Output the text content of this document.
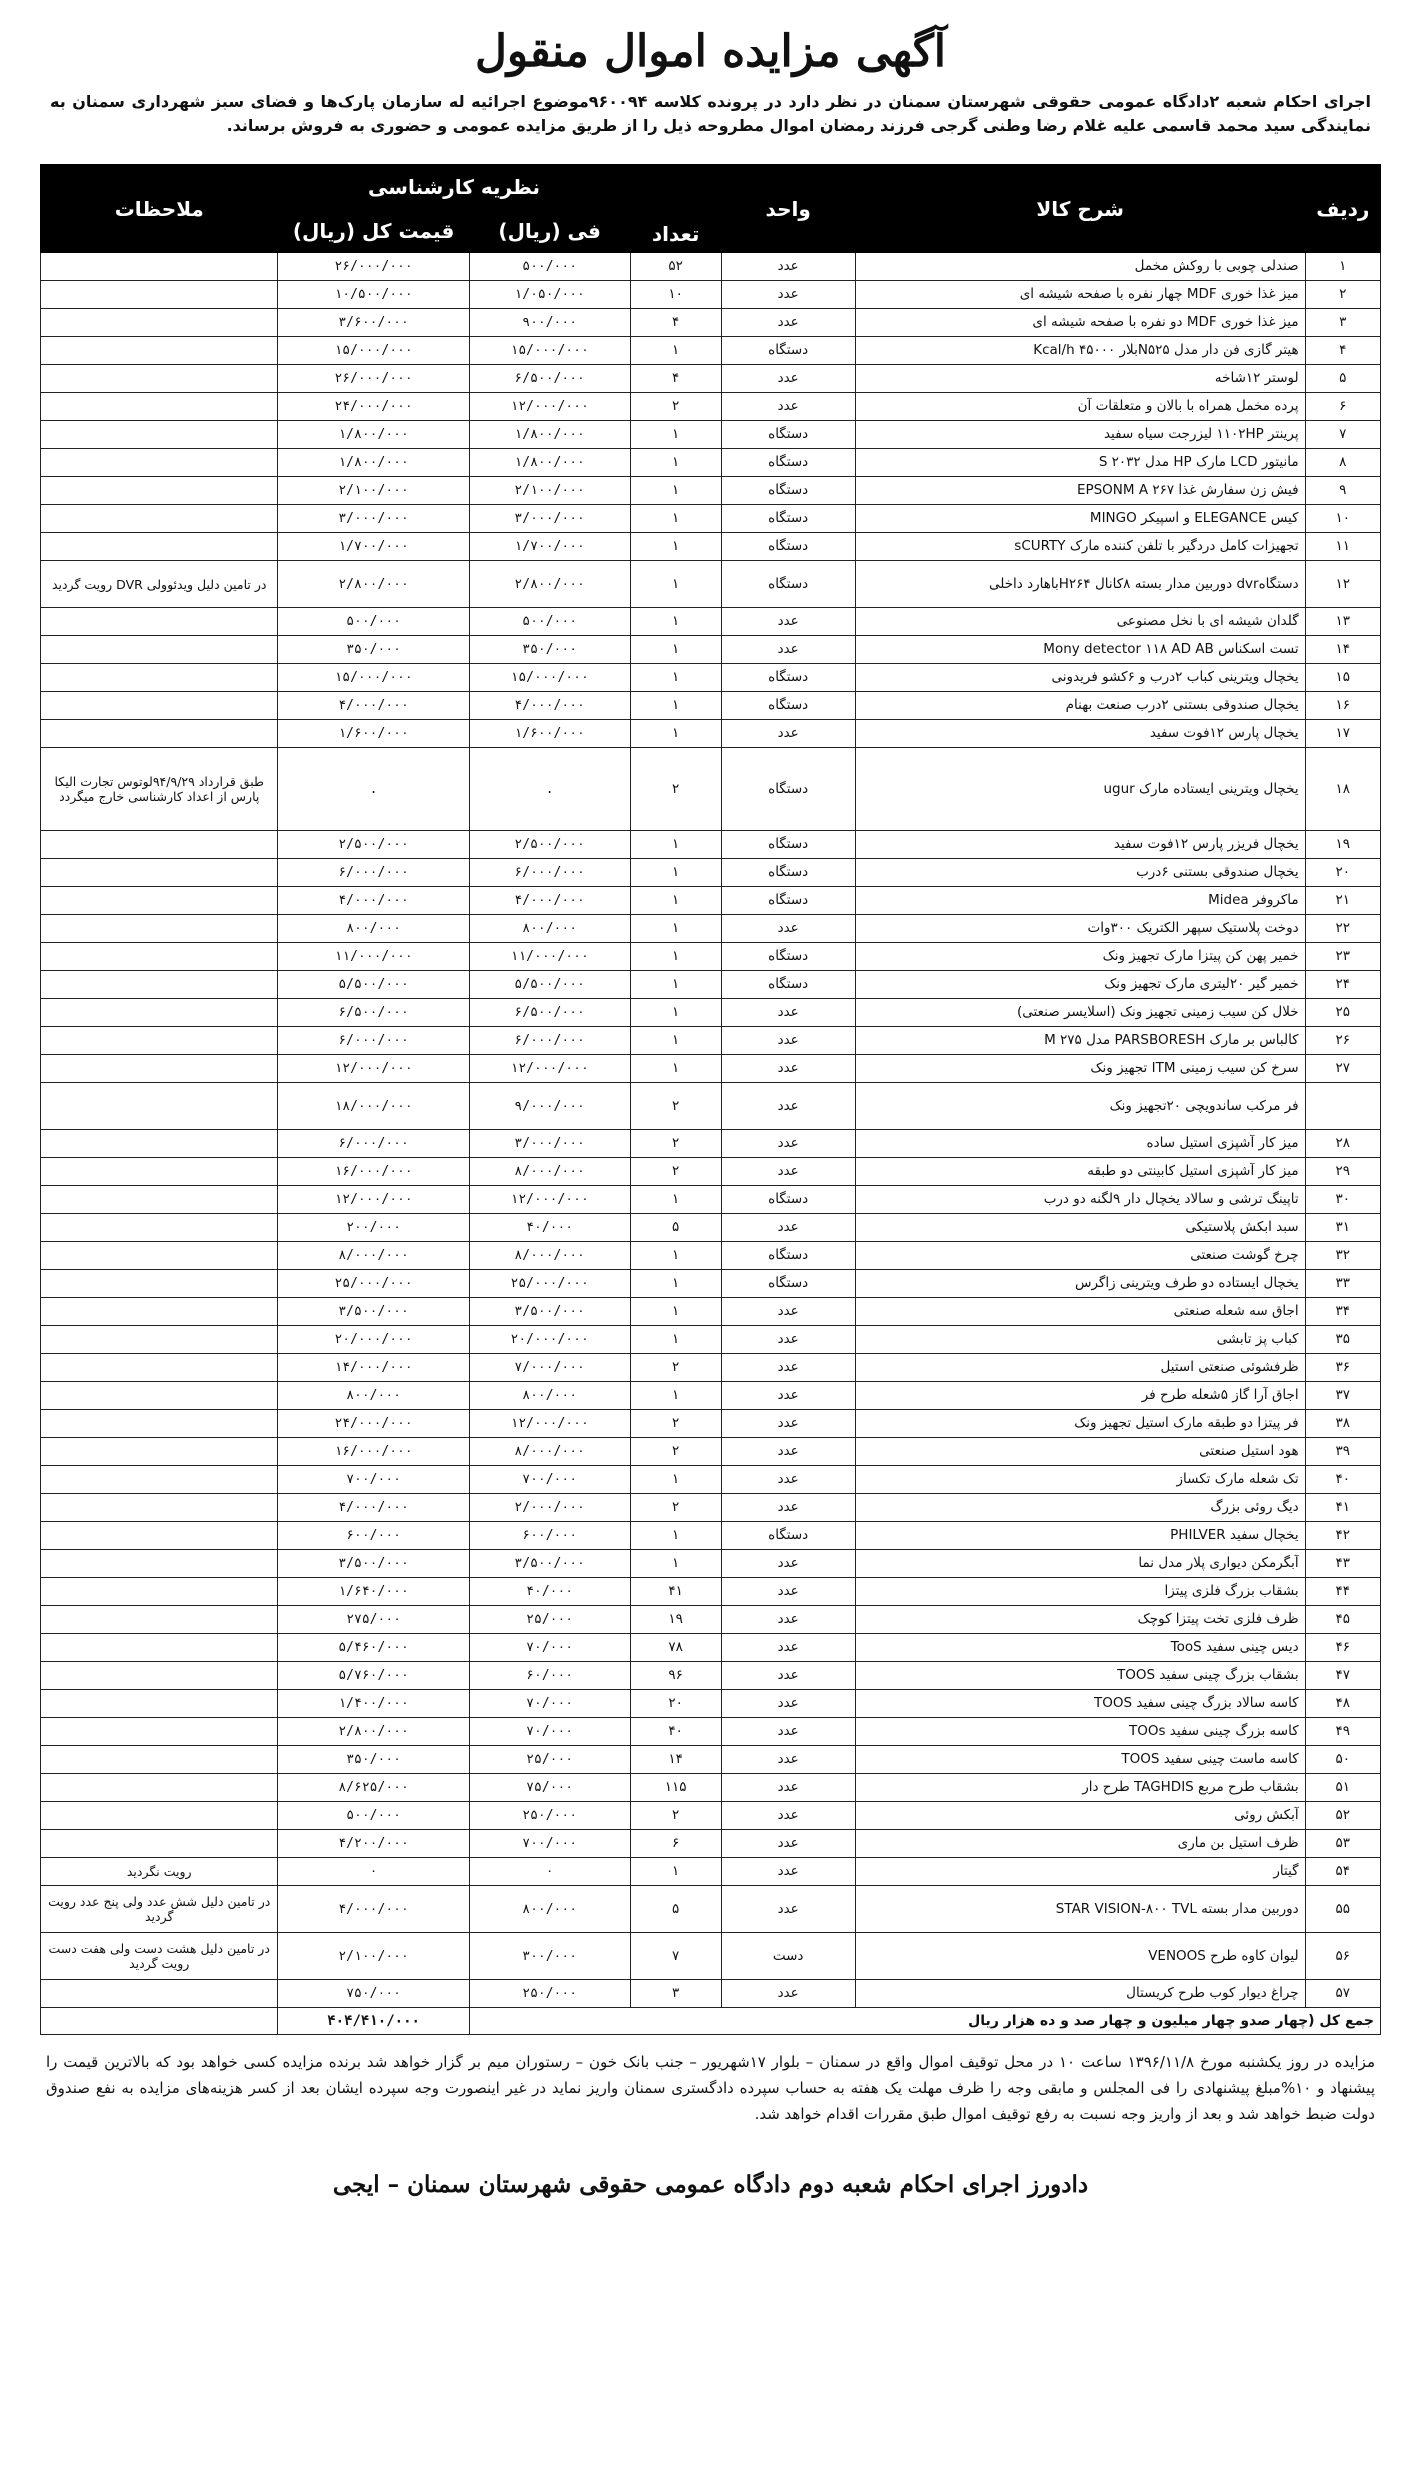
آگهی مزایده اموال منقول
اجرای احکام شعبه ۲دادگاه عمومی حقوقی شهرستان سمنان در نظر دارد در پرونده کلاسه ۹۶۰۰۹۴موضوع اجرائیه له سازمان پارک‌ها و فضای سبز شهرداری سمنان به نمایندگی سید محمد قاسمی علیه غلام رضا وطنی گرجی فرزند رمضان اموال مطروحه ذیل را از طریق مزایده عمومی و حضوری به فروش برساند.
ردیف	شرح کالا	واحد	تعداد	نظریه کارشناسی		ملاحظات
				فی (ریال)	قیمت کل (ریال)	
۱	صندلی چوبی با روکش مخمل	عدد	۵۲	۵۰۰/۰۰۰	۲۶/۰۰۰/۰۰۰	
۲	میز غذا خوری MDF چهار نفره با صفحه شیشه ای	عدد	۱۰	۱/۰۵۰/۰۰۰	۱۰/۵۰۰/۰۰۰	
۳	میز غذا خوری MDF دو نفره با صفحه شیشه ای	عدد	۴	۹۰۰/۰۰۰	۳/۶۰۰/۰۰۰	
۴	هیتر گازی فن دار مدل N۵۲۵بلار Kcal/h ۴۵۰۰۰	دستگاه	۱	۱۵/۰۰۰/۰۰۰	۱۵/۰۰۰/۰۰۰	
۵	لوستر ۱۲شاخه	عدد	۴	۶/۵۰۰/۰۰۰	۲۶/۰۰۰/۰۰۰	
۶	پرده مخمل همراه با بالان و متعلقات آن	عدد	۲	۱۲/۰۰۰/۰۰۰	۲۴/۰۰۰/۰۰۰	
۷	پرینتر ۱۱۰۲HP لیزرجت سیاه سفید	دستگاه	۱	۱/۸۰۰/۰۰۰	۱/۸۰۰/۰۰۰	
۸	مانیتور LCD مارک HP مدل S ۲۰۳۲	دستگاه	۱	۱/۸۰۰/۰۰۰	۱/۸۰۰/۰۰۰	
۹	فیش زن سفارش غذا EPSONM A ۲۶۷	دستگاه	۱	۲/۱۰۰/۰۰۰	۲/۱۰۰/۰۰۰	
۱۰	کیس ELEGANCE و اسپیکر MINGO	دستگاه	۱	۳/۰۰۰/۰۰۰	۳/۰۰۰/۰۰۰	
۱۱	تجهیزات کامل دردگیر با تلفن کننده مارک sCURTY	دستگاه	۱	۱/۷۰۰/۰۰۰	۱/۷۰۰/۰۰۰	
۱۲	دستگاهdvr دوربین مدار بسته ۸کانال H۲۶۴باهارد داخلی	دستگاه	۱	۲/۸۰۰/۰۰۰	۲/۸۰۰/۰۰۰	در تامین دلیل ویدئوولی DVR رویت گردید
۱۳	گلدان شیشه ای با نخل مصنوعی	عدد	۱	۵۰۰/۰۰۰	۵۰۰/۰۰۰	
۱۴	تست اسکناس Mony detector ۱۱۸ AD AB	عدد	۱	۳۵۰/۰۰۰	۳۵۰/۰۰۰	
۱۵	یخچال ویترینی کباب ۲درب و ۶کشو فریدونی	دستگاه	۱	۱۵/۰۰۰/۰۰۰	۱۵/۰۰۰/۰۰۰	
۱۶	یخچال صندوقی بستنی ۲درب صنعت بهنام	دستگاه	۱	۴/۰۰۰/۰۰۰	۴/۰۰۰/۰۰۰	
۱۷	یخچال پارس ۱۲فوت سفید	عدد	۱	۱/۶۰۰/۰۰۰	۱/۶۰۰/۰۰۰	
۱۸	یخچال ویترینی ایستاده مارک ugur	دستگاه	۲	.	.	طبق قرارداد ۹۴/۹/۲۹لوتوس تجارت الیکا پارس از اعداد کارشناسی خارج میگردد
۱۹	یخچال فریزر پارس ۱۲فوت سفید	دستگاه	۱	۲/۵۰۰/۰۰۰	۲/۵۰۰/۰۰۰	
۲۰	یخچال صندوقی بستنی ۶درب	دستگاه	۱	۶/۰۰۰/۰۰۰	۶/۰۰۰/۰۰۰	
۲۱	ماکروفر Midea	دستگاه	۱	۴/۰۰۰/۰۰۰	۴/۰۰۰/۰۰۰	
۲۲	دوخت پلاستیک سپهر الکتریک ۳۰۰وات	عدد	۱	۸۰۰/۰۰۰	۸۰۰/۰۰۰	
۲۳	خمیر پهن کن پیتزا مارک تجهیز ونک	دستگاه	۱	۱۱/۰۰۰/۰۰۰	۱۱/۰۰۰/۰۰۰	
۲۴	خمیر گیر ۲۰لیتری مارک تجهیز ونک	دستگاه	۱	۵/۵۰۰/۰۰۰	۵/۵۰۰/۰۰۰	
۲۵	خلال کن سیب زمینی تجهیز ونک (اسلایسر صنعتی)	عدد	۱	۶/۵۰۰/۰۰۰	۶/۵۰۰/۰۰۰	
۲۶	کالباس بر مارک PARSBORESH مدل M ۲۷۵	عدد	۱	۶/۰۰۰/۰۰۰	۶/۰۰۰/۰۰۰	
۲۷	سرخ کن سیب زمینی ITM تجهیز ونک	عدد	۱	۱۲/۰۰۰/۰۰۰	۱۲/۰۰۰/۰۰۰	
	فر مرکب ساندویچی ۲۰تجهیز ونک	عدد	۲	۹/۰۰۰/۰۰۰	۱۸/۰۰۰/۰۰۰	
۲۸	میز کار آشپزی استیل ساده	عدد	۲	۳/۰۰۰/۰۰۰	۶/۰۰۰/۰۰۰	
۲۹	میز کار آشپزی استیل کابینتی دو طبقه	عدد	۲	۸/۰۰۰/۰۰۰	۱۶/۰۰۰/۰۰۰	
۳۰	تاپینگ ترشی و سالاد یخچال دار ۹لگنه دو درب	دستگاه	۱	۱۲/۰۰۰/۰۰۰	۱۲/۰۰۰/۰۰۰	
۳۱	سبد ابکش پلاستیکی	عدد	۵	۴۰/۰۰۰	۲۰۰/۰۰۰	
۳۲	چرخ گوشت صنعتی	دستگاه	۱	۸/۰۰۰/۰۰۰	۸/۰۰۰/۰۰۰	
۳۳	یخچال ایستاده دو طرف ویترینی زاگرس	دستگاه	۱	۲۵/۰۰۰/۰۰۰	۲۵/۰۰۰/۰۰۰	
۳۴	اجاق سه شعله صنعتی	عدد	۱	۳/۵۰۰/۰۰۰	۳/۵۰۰/۰۰۰	
۳۵	کباب پز تابشی	عدد	۱	۲۰/۰۰۰/۰۰۰	۲۰/۰۰۰/۰۰۰	
۳۶	ظرفشوئی صنعتی استیل	عدد	۲	۷/۰۰۰/۰۰۰	۱۴/۰۰۰/۰۰۰	
۳۷	اجاق آرا گاز ۵شعله طرح فر	عدد	۱	۸۰۰/۰۰۰	۸۰۰/۰۰۰	
۳۸	فر پیتزا دو طبقه مارک استیل تجهیز ونک	عدد	۲	۱۲/۰۰۰/۰۰۰	۲۴/۰۰۰/۰۰۰	
۳۹	هود استیل صنعتی	عدد	۲	۸/۰۰۰/۰۰۰	۱۶/۰۰۰/۰۰۰	
۴۰	تک شعله مارک تکساز	عدد	۱	۷۰۰/۰۰۰	۷۰۰/۰۰۰	
۴۱	دیگ روئی بزرگ	عدد	۲	۲/۰۰۰/۰۰۰	۴/۰۰۰/۰۰۰	
۴۲	یخچال سفید PHILVER	دستگاه	۱	۶۰۰/۰۰۰	۶۰۰/۰۰۰	
۴۳	آبگرمکن دیواری پلار مدل نما	عدد	۱	۳/۵۰۰/۰۰۰	۳/۵۰۰/۰۰۰	
۴۴	بشقاب بزرگ فلزی پیتزا	عدد	۴۱	۴۰/۰۰۰	۱/۶۴۰/۰۰۰	
۴۵	ظرف فلزی تخت پیتزا کوچک	عدد	۱۹	۲۵/۰۰۰	۲۷۵/۰۰۰	
۴۶	دیس چینی سفید TooS	عدد	۷۸	۷۰/۰۰۰	۵/۴۶۰/۰۰۰	
۴۷	بشقاب بزرگ چینی سفید TOOS	عدد	۹۶	۶۰/۰۰۰	۵/۷۶۰/۰۰۰	
۴۸	کاسه سالاد بزرگ چینی سفید TOOS	عدد	۲۰	۷۰/۰۰۰	۱/۴۰۰/۰۰۰	
۴۹	کاسه بزرگ چینی سفید TOOs	عدد	۴۰	۷۰/۰۰۰	۲/۸۰۰/۰۰۰	
۵۰	کاسه ماست چینی سفید TOOS	عدد	۱۴	۲۵/۰۰۰	۳۵۰/۰۰۰	
۵۱	بشقاب طرح مربع TAGHDIS طرح دار	عدد	۱۱۵	۷۵/۰۰۰	۸/۶۲۵/۰۰۰	
۵۲	آبکش روئی	عدد	۲	۲۵۰/۰۰۰	۵۰۰/۰۰۰	
۵۳	ظرف استیل بن ماری	عدد	۶	۷۰۰/۰۰۰	۴/۲۰۰/۰۰۰	
۵۴	گیتار	عدد	۱	۰	۰	رویت نگردید
۵۵	دوربین مدار بسته STAR VISION-۸۰۰ TVL	عدد	۵	۸۰۰/۰۰۰	۴/۰۰۰/۰۰۰	در تامین دلیل شش عدد ولی پنج عدد رویت گردید
۵۶	لیوان کاوه طرح VENOOS	دست	۷	۳۰۰/۰۰۰	۲/۱۰۰/۰۰۰	در تامین دلیل هشت دست ولی هفت دست رویت گردید
۵۷	چراغ دیوار کوب طرح کریستال	عدد	۳	۲۵۰/۰۰۰	۷۵۰/۰۰۰	
جمع کل (چهار صدو چهار میلیون و چهار صد و ده هزار ریال					۴۰۴/۴۱۰/۰۰۰	
مزایده در روز یکشنبه مورخ ۱۳۹۶/۱۱/۸ ساعت ۱۰ در محل توقیف اموال واقع در سمنان – بلوار ۱۷شهریور – جنب بانک خون – رستوران میم بر گزار خواهد شد برنده مزایده کسی خواهد بود که بالاترین قیمت را پیشنهاد و ۱۰%مبلغ پیشنهادی را فی المجلس و مابقی وجه را ظرف مهلت یک هفته به حساب سپرده دادگستری سمنان واریز نماید در غیر اینصورت وجه سپرده ایشان بعد از کسر هزینه‌های مزایده به نفع صندوق دولت ضبط خواهد شد و بعد از واریز وجه نسبت به رفع توقیف اموال طبق مقررات اقدام خواهد شد.
دادورز اجرای احکام شعبه دوم دادگاه عمومی حقوقی شهرستان سمنان – ایجی
